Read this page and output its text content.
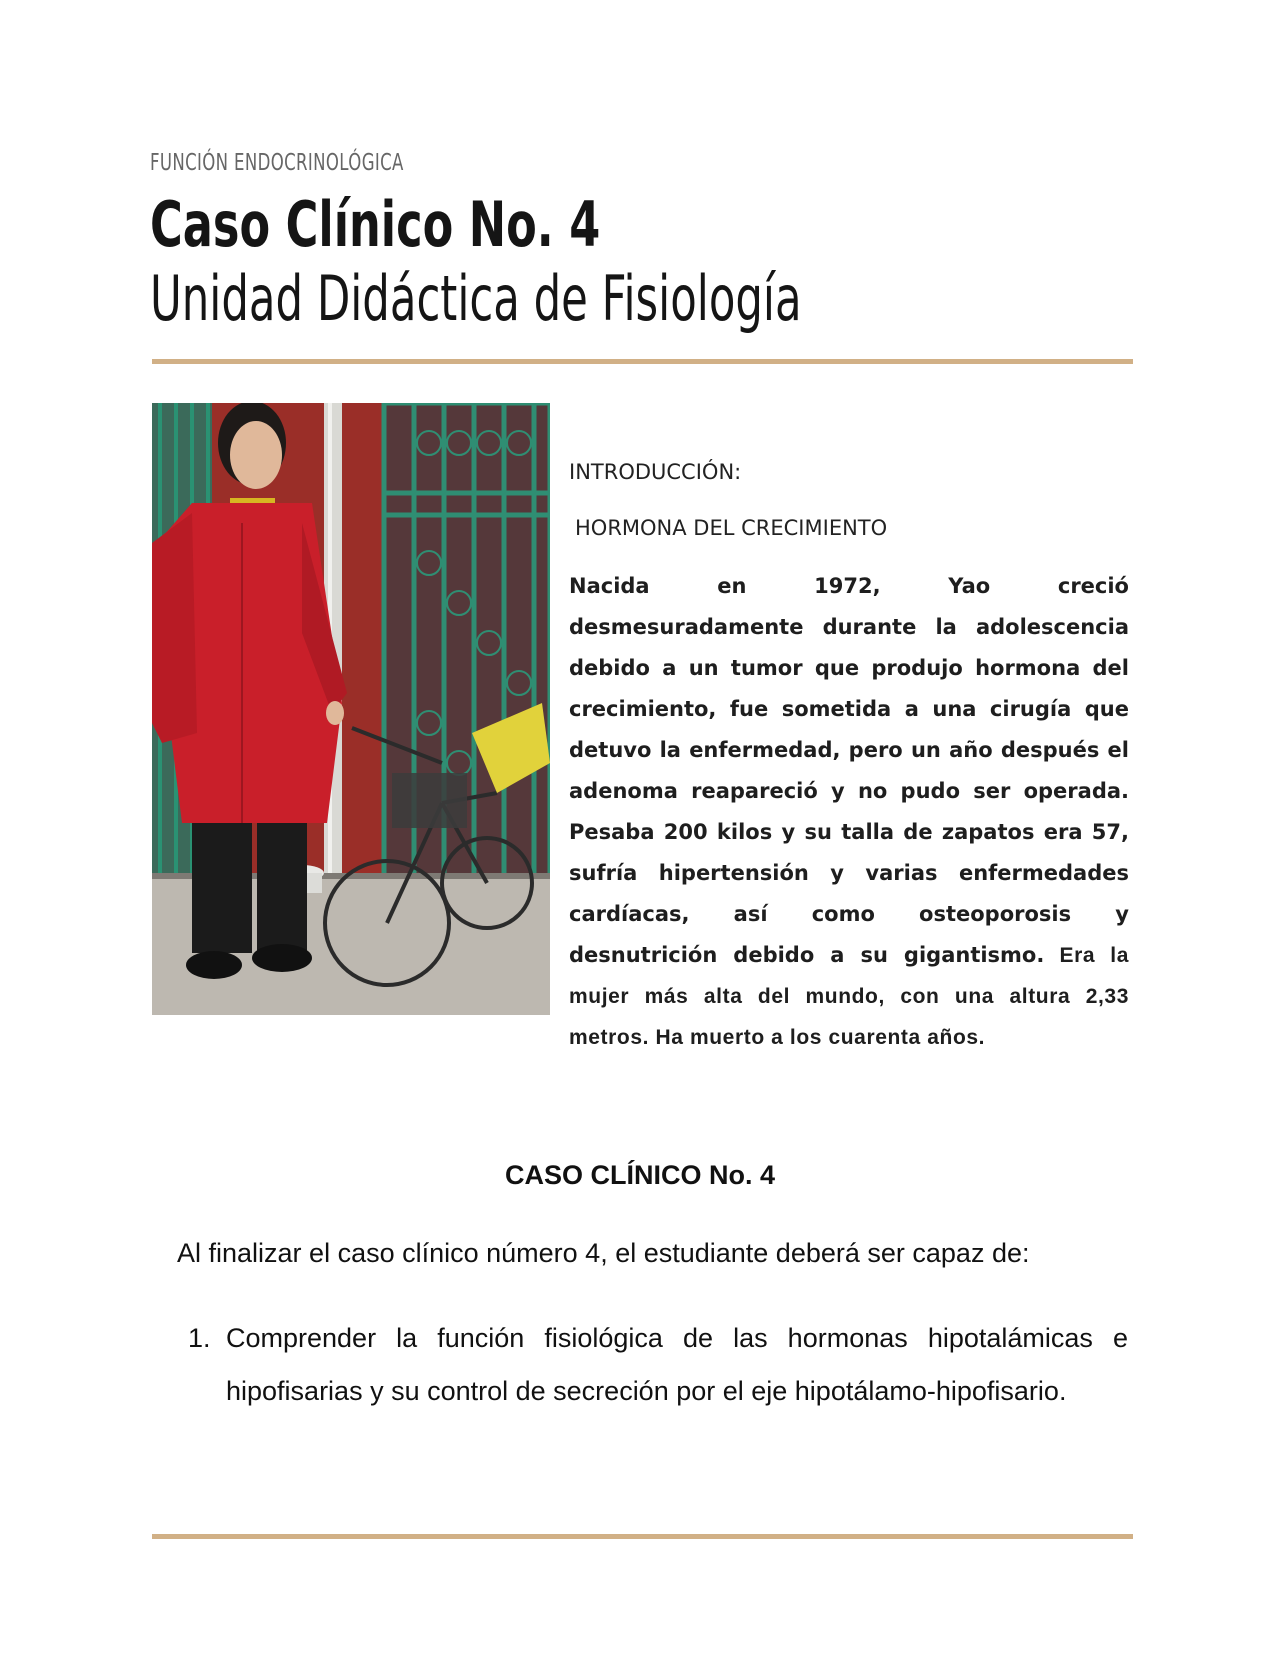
FUNCIÓN ENDOCRINOLÓGICA
Caso Clínico No. 4
Unidad Didáctica de Fisiología
INTRODUCCIÓN:
HORMONA DEL CRECIMIENTO

Nacida en 1972, Yao creció desmesuradamente durante la adolescencia debido a un tumor que produjo hormona del crecimiento, fue sometida a una cirugía que detuvo la enfermedad, pero un año después el adenoma reapareció y no pudo ser operada. Pesaba 200 kilos y su talla de zapatos era 57, sufría hipertensión y varias enfermedades cardíacas, así como osteoporosis y desnutrición debido a su gigantismo. Era la mujer más alta del mundo, con una altura 2,33 metros. Ha muerto a los cuarenta años.

CASO CLÍNICO No. 4
Al finalizar el caso clínico número 4, el estudiante deberá ser capaz de:
1. Comprender la función fisiológica de las hormonas hipotalámicas e hipofisarias y su control de secreción por el eje hipotálamo-hipofisario.
